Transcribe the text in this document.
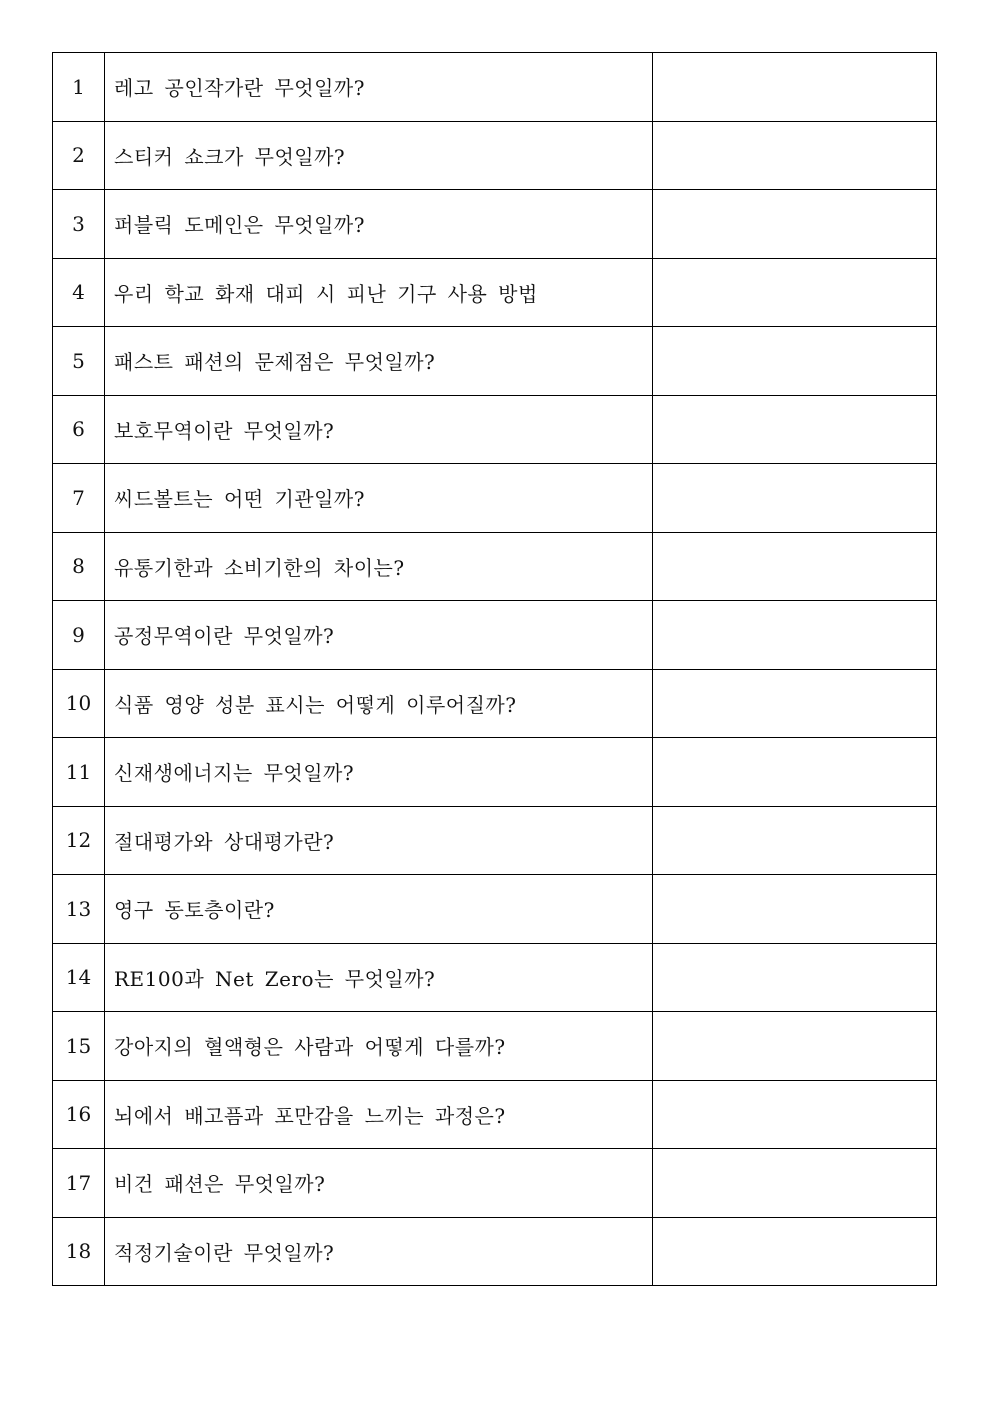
1	레고 공인작가란 무엇일까?	
2	스티커 쇼크가 무엇일까?	
3	퍼블릭 도메인은 무엇일까?	
4	우리 학교 화재 대피 시 피난 기구 사용 방법	
5	패스트 패션의 문제점은 무엇일까?	
6	보호무역이란 무엇일까?	
7	씨드볼트는 어떤 기관일까?	
8	유통기한과 소비기한의 차이는?	
9	공정무역이란 무엇일까?	
10	식품 영양 성분 표시는 어떻게 이루어질까?	
11	신재생에너지는 무엇일까?	
12	절대평가와 상대평가란?	
13	영구 동토층이란?	
14	RE100과 Net Zero는 무엇일까?	
15	강아지의 혈액형은 사람과 어떻게 다를까?	
16	뇌에서 배고픔과 포만감을 느끼는 과정은?	
17	비건 패션은 무엇일까?	
18	적정기술이란 무엇일까?	
